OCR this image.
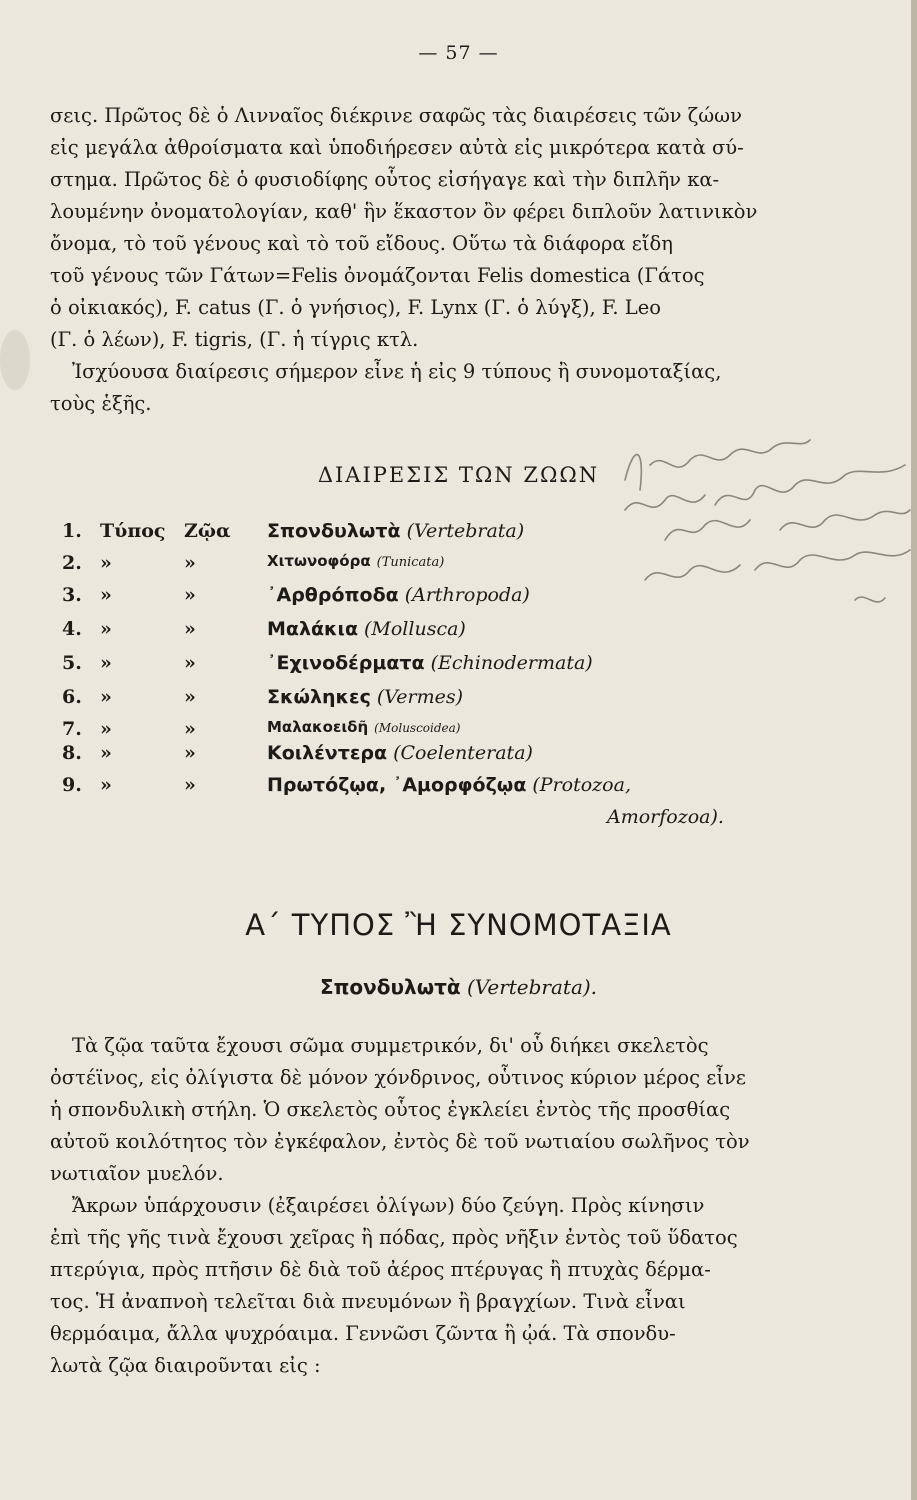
— 57 —
σεις. Πρῶτος δὲ ὁ Λινναῖος διέκρινε σαφῶς τὰς διαιρέσεις τῶν ζώων
εἰς μεγάλα ἀθροίσματα καὶ ὑποδιήρεσεν αὐτὰ εἰς μικρότερα κατὰ σύ-
στημα. Πρῶτος δὲ ὁ φυσιοδίφης οὗτος εἰσήγαγε καὶ τὴν διπλῆν κα-
λουμένην ὀνοματολογίαν, καθ' ἣν ἕκαστον ὂν φέρει διπλοῦν λατινικὸν
ὄνομα, τὸ τοῦ γένους καὶ τὸ τοῦ εἴδους. Οὕτω τὰ διάφορα εἴδη
τοῦ γένους τῶν Γάτων=Felis ὀνομάζονται Felis domestica (Γάτος
ὁ οἰκιακός), F. catus (Γ. ὁ γνήσιος), F. Lynx (Γ. ὁ λύγξ), F. Leo
(Γ. ὁ λέων), F. tigris, (Γ. ἡ τίγρις κτλ.
Ἰσχύουσα διαίρεσις σήμερον εἶνε ἡ εἰς 9 τύπους ἢ συνομοταξίας,
τοὺς ἑξῆς.
ΔΙΑΙΡΕΣΙΣ ΤΩΝ ΖΩΩΝ
1. Τύπος Ζῷα Σπονδυλωτὰ (Vertebrata)
2. »	»	Χιτωνοφόρα (Tunicata)
3. »	»	᾿Αρθρόποδα (Arthropoda)
4. »	»	Μαλάκια (Mollusca)
5. »	»	᾿Εχινοδέρματα (Echinodermata)
6. »	»	Σκώληκες (Vermes)
7. »	»	Μαλακοειδῆ (Moluscoidea)
8. »	»	Κοιλέντερα (Coelenterata)
9. »	»	Πρωτόζῳα, ᾿Αμορφόζῳα (Protozoa,
Amorfozoa).
Α΄ ΤΥΠΟΣ Ἢ ΣΥΝΟΜΟΤΑΞΙΑ
Σπονδυλωτὰ (Vertebrata).
Τὰ ζῷα ταῦτα ἔχουσι σῶμα συμμετρικόν, δι' οὗ διήκει σκελετὸς
ὀστέϊνος, εἰς ὀλίγιστα δὲ μόνον χόνδρινος, οὗτινος κύριον μέρος εἶνε
ἡ σπονδυλικὴ στήλη. Ὁ σκελετὸς οὗτος ἐγκλείει ἐντὸς τῆς προσθίας
αὐτοῦ κοιλότητος τὸν ἐγκέφαλον, ἐντὸς δὲ τοῦ νωτιαίου σωλῆνος τὸν
νωτιαῖον μυελόν.
Ἄκρων ὑπάρχουσιν (ἐξαιρέσει ὀλίγων) δύο ζεύγη. Πρὸς κίνησιν
ἐπὶ τῆς γῆς τινὰ ἔχουσι χεῖρας ἢ πόδας, πρὸς νῆξιν ἐντὸς τοῦ ὕδατος
πτερύγια, πρὸς πτῆσιν δὲ διὰ τοῦ ἀέρος πτέρυγας ἢ πτυχὰς δέρμα-
τος. Ἡ ἀναπνοὴ τελεῖται διὰ πνευμόνων ἢ βραγχίων. Τινὰ εἶναι
θερμόαιμα, ἄλλα ψυχρόαιμα. Γεννῶσι ζῶντα ἢ ᾠά. Τὰ σπονδυ-
λωτὰ ζῷα διαιροῦνται εἰς :
